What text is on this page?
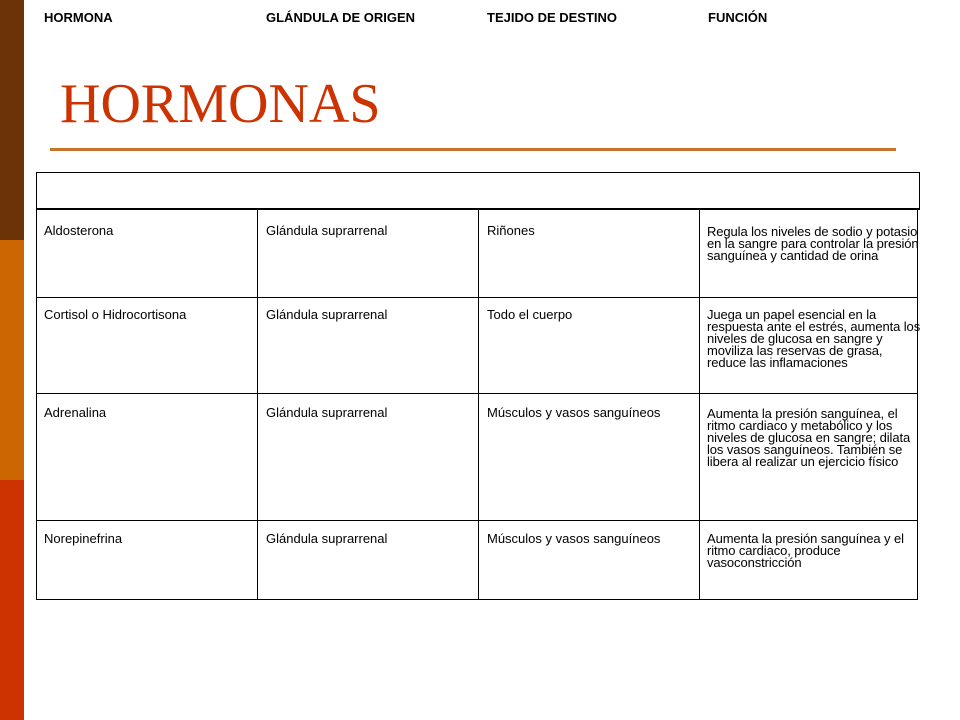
HORMONAS
HORMONA	GLÁNDULA DE ORIGEN	TEJIDO DE DESTINO	FUNCIÓN
Aldosterona	Glándula suprarrenal	Riñones	Regula los niveles de sodio y potasio en la sangre para controlar la presión sanguínea y cantidad de orina
Cortisol o Hidrocortisona	Glándula suprarrenal	Todo el cuerpo	Juega un papel esencial en la respuesta ante el estrés, aumenta los niveles de glucosa en sangre y moviliza las reservas de grasa, reduce las inflamaciones
Adrenalina	Glándula suprarrenal	Músculos y vasos sanguíneos	Aumenta la presión sanguínea, el ritmo cardiaco y metabólico y los niveles de glucosa en sangre; dilata los vasos sanguíneos. También se libera al realizar un ejercicio físico
Norepinefrina	Glándula suprarrenal	Músculos y vasos sanguíneos	Aumenta la presión sanguínea y el ritmo cardiaco, produce vasoconstricción
